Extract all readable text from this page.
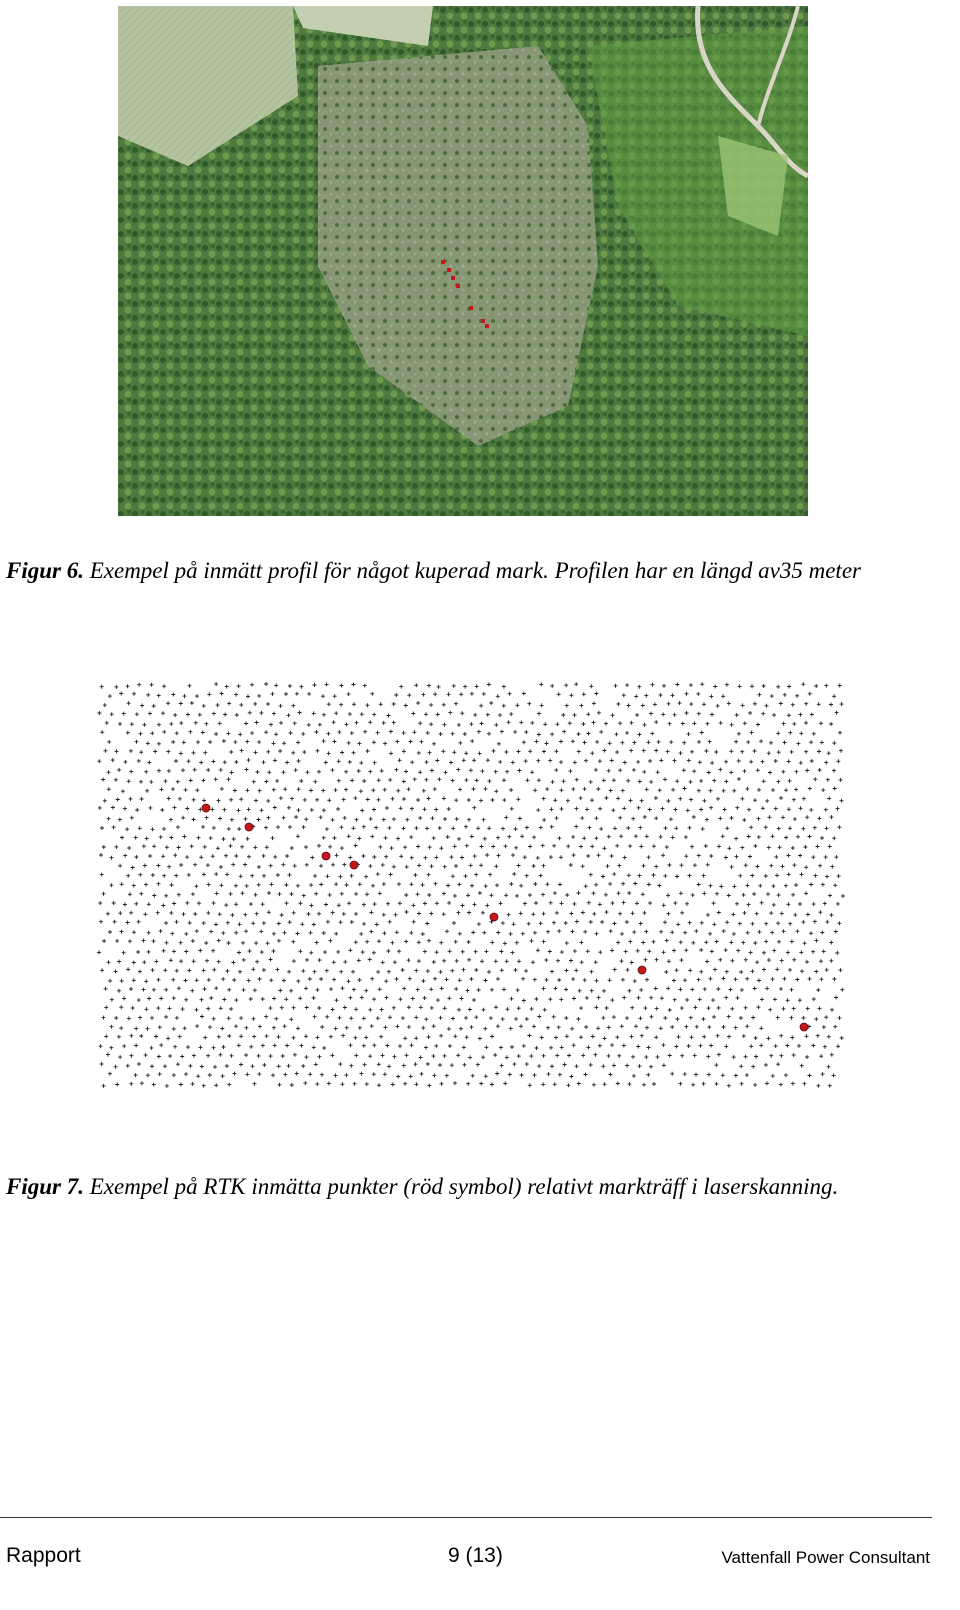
Figur 6. Exempel på inmätt profil för något kuperad mark. Profilen har en längd av35 meter
Figur 7. Exempel på RTK inmätta punkter (röd symbol) relativt markträff i laserskanning.
Rapport	9 (13)	Vattenfall Power Consultant
